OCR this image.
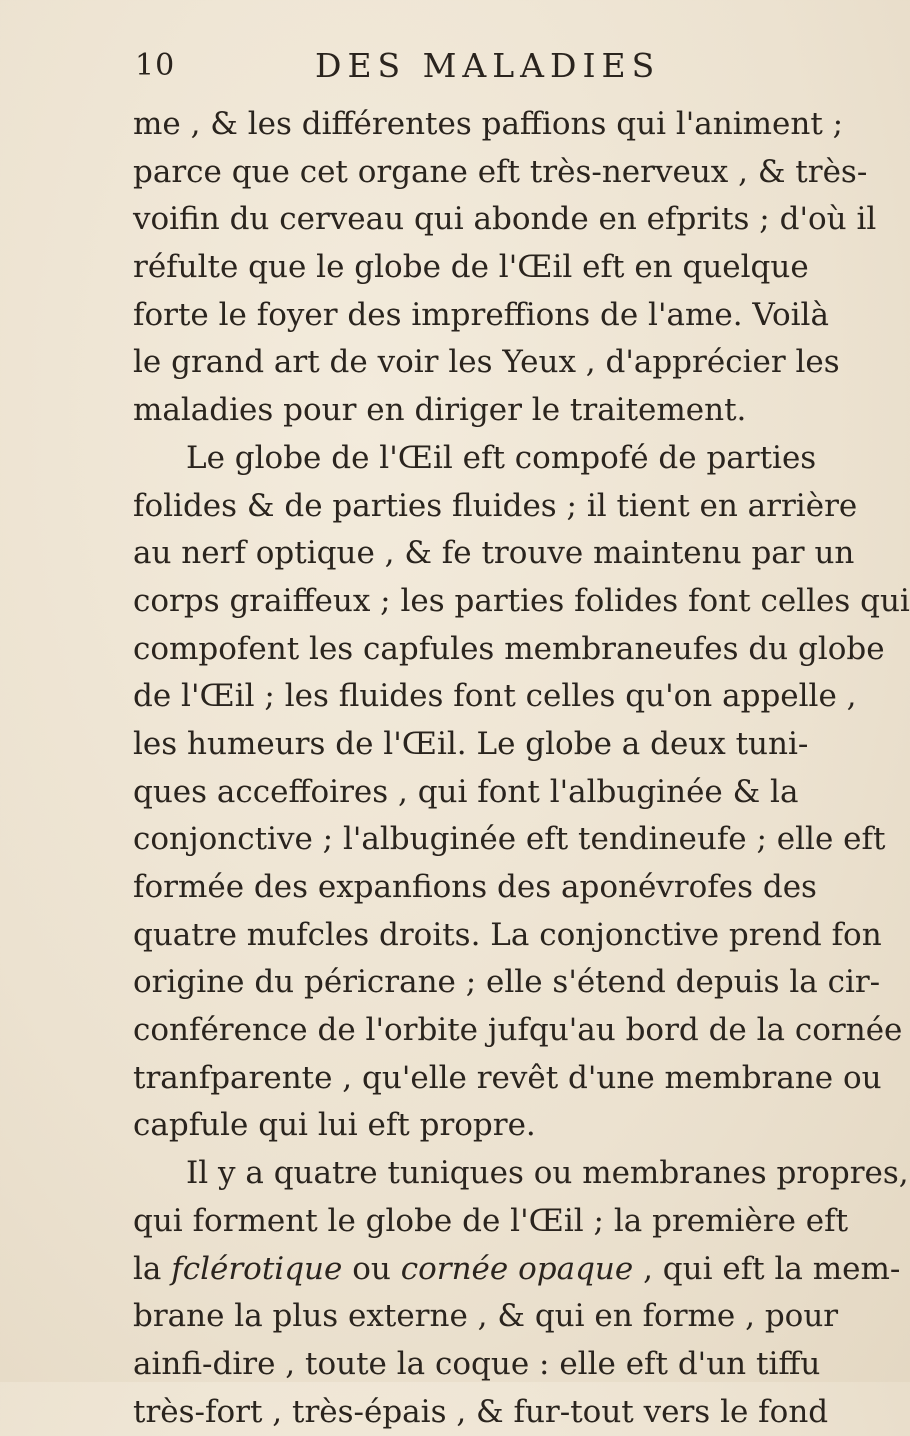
10	DES MALADIES
me , & les différentes paffions qui l'animent ;
parce que cet organe eft très-nerveux , & très-
voifin du cerveau qui abonde en efprits ; d'où il
réfulte que le globe de l'Œil eft en quelque
forte le foyer des impreffions de l'ame. Voilà
le grand art de voir les Yeux , d'apprécier les
maladies pour en diriger le traitement.
Le globe de l'Œil eft compofé de parties
folides & de parties fluides ; il tient en arrière
au nerf optique , & fe trouve maintenu par un
corps graiffeux ; les parties folides font celles qui
compofent les capfules membraneufes du globe
de l'Œil ; les fluides font celles qu'on appelle ,
les humeurs de l'Œil. Le globe a deux tuni-
ques acceffoires , qui font l'albuginée & la
conjonctive ; l'albuginée eft tendineufe ; elle eft
formée des expanfions des aponévrofes des
quatre mufcles droits. La conjonctive prend fon
origine du péricrane ; elle s'étend depuis la cir-
conférence de l'orbite jufqu'au bord de la cornée
tranfparente , qu'elle revêt d'une membrane ou
capfule qui lui eft propre.
Il y a quatre tuniques ou membranes propres,
qui forment le globe de l'Œil ; la première eft
la fclérotique ou cornée opaque , qui eft la mem-
brane la plus externe , & qui en forme , pour
ainfi-dire , toute la coque : elle eft d'un tiffu
très-fort , très-épais , & fur-tout vers le fond
